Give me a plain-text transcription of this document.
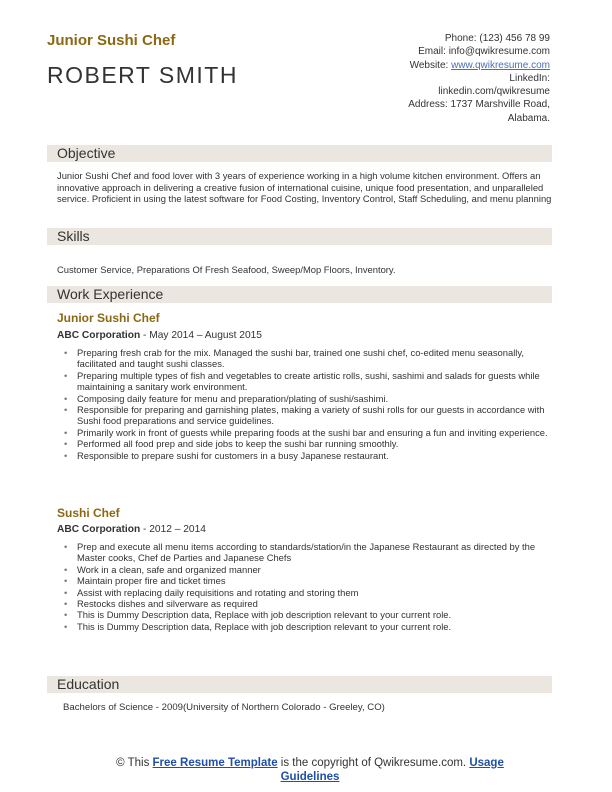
Junior Sushi Chef
ROBERT SMITH
Phone: (123) 456 78 99
Email: info@qwikresume.com
Website: www.qwikresume.com
LinkedIn:
linkedin.com/qwikresume
Address: 1737 Marshville Road,
Alabama.
Objective
Junior Sushi Chef and food lover with 3 years of experience working in a high volume kitchen environment. Offers an innovative approach in delivering a creative fusion of international cuisine, unique food presentation, and unparalleled service. Proficient in using the latest software for Food Costing, Inventory Control, Staff Scheduling, and menu planning
Skills
Customer Service, Preparations Of Fresh Seafood, Sweep/Mop Floors, Inventory.
Work Experience
Junior Sushi Chef
ABC Corporation - May 2014 – August 2015
• Preparing fresh crab for the mix. Managed the sushi bar, trained one sushi chef, co-edited menu seasonally, facilitated and taught sushi classes.
• Preparing multiple types of fish and vegetables to create artistic rolls, sushi, sashimi and salads for guests while maintaining a sanitary work environment.
• Composing daily feature for menu and preparation/plating of sushi/sashimi.
• Responsible for preparing and garnishing plates, making a variety of sushi rolls for our guests in accordance with Sushi food preparations and service guidelines.
• Primarily work in front of guests while preparing foods at the sushi bar and ensuring a fun and inviting experience.
• Performed all food prep and side jobs to keep the sushi bar running smoothly.
• Responsible to prepare sushi for customers in a busy Japanese restaurant.
Sushi Chef
ABC Corporation - 2012 – 2014
• Prep and execute all menu items according to standards/station/in the Japanese Restaurant as directed by the Master cooks, Chef de Parties and Japanese Chefs
• Work in a clean, safe and organized manner
• Maintain proper fire and ticket times
• Assist with replacing daily requisitions and rotating and storing them
• Restocks dishes and silverware as required
• This is Dummy Description data, Replace with job description relevant to your current role.
• This is Dummy Description data, Replace with job description relevant to your current role.
Education
Bachelors of Science - 2009(University of Northern Colorado - Greeley, CO)
© This Free Resume Template is the copyright of Qwikresume.com. Usage Guidelines
